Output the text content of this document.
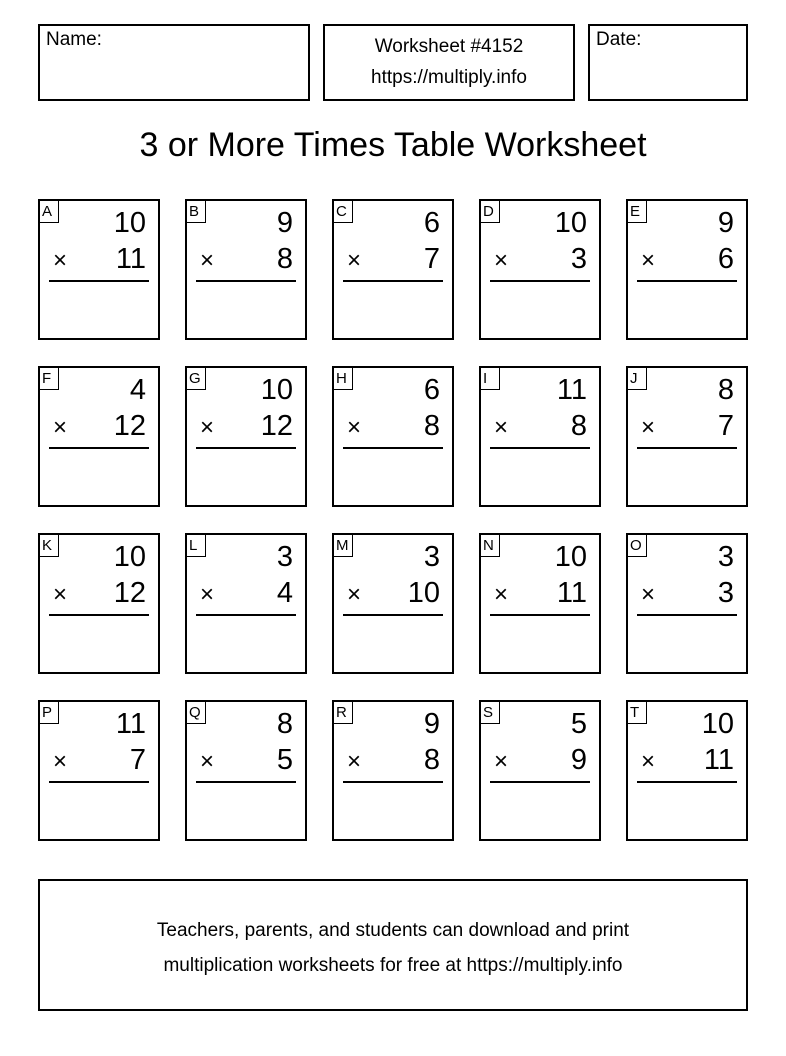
Name:	Worksheet #4152
https://multiply.info
Date:
3 or More Times Table Worksheet
A 10
× 11
B	9
× 8
C	6
× 7
D 10
× 3
E	9
× 6
F	4
× 12
G 10
× 12
H	6
× 8
I	11
× 8
J	8
× 7
K 10
× 12
L	3
× 4
M	3
× 10
N 10
× 11
O	3
× 3
P 11
× 7
Q	8
× 5
R	9
× 8
S	5
× 9
T 10
× 11
Teachers, parents, and students can download and print
multiplication worksheets for free at https://multiply.info
